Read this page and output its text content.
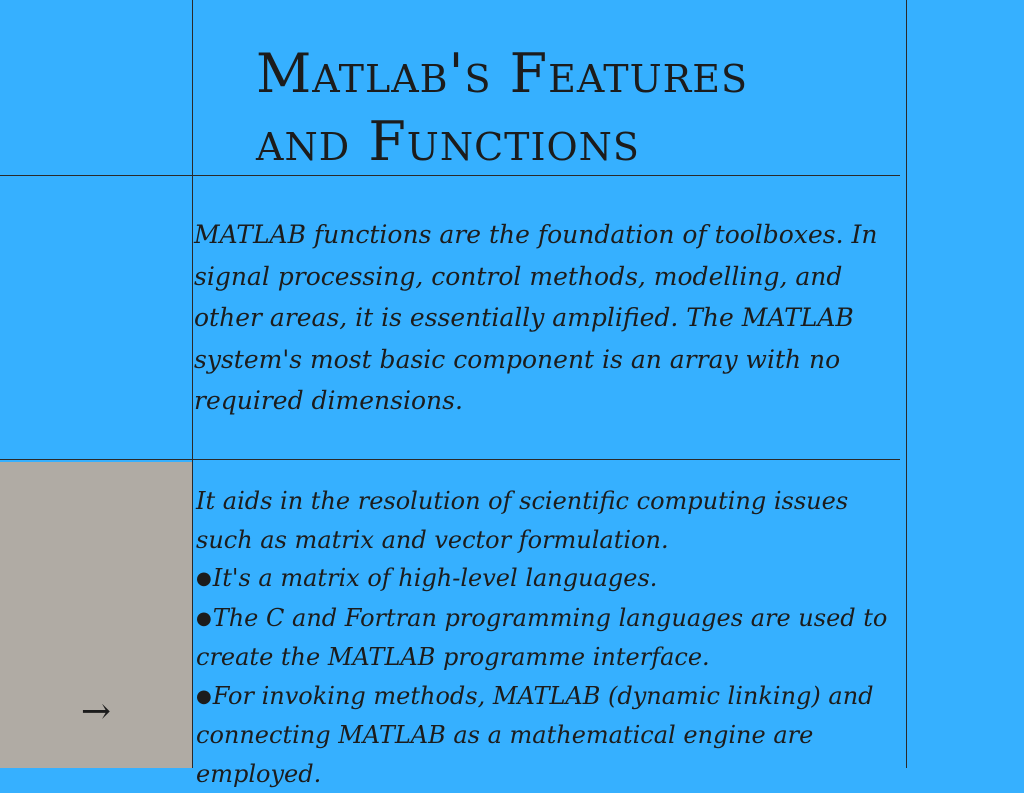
Matlab's Features
and Functions

MATLAB functions are the foundation of toolboxes. In signal processing, control methods, modelling, and other areas, it is essentially amplified. The MATLAB system's most basic component is an array with no required dimensions.

It aids in the resolution of scientific computing issues such as matrix and vector formulation.

●It's a matrix of high-level languages.

●The C and Fortran programming languages are used to create the MATLAB programme interface.

●For invoking methods, MATLAB (dynamic linking) and connecting MATLAB as a mathematical engine are employed.

→
